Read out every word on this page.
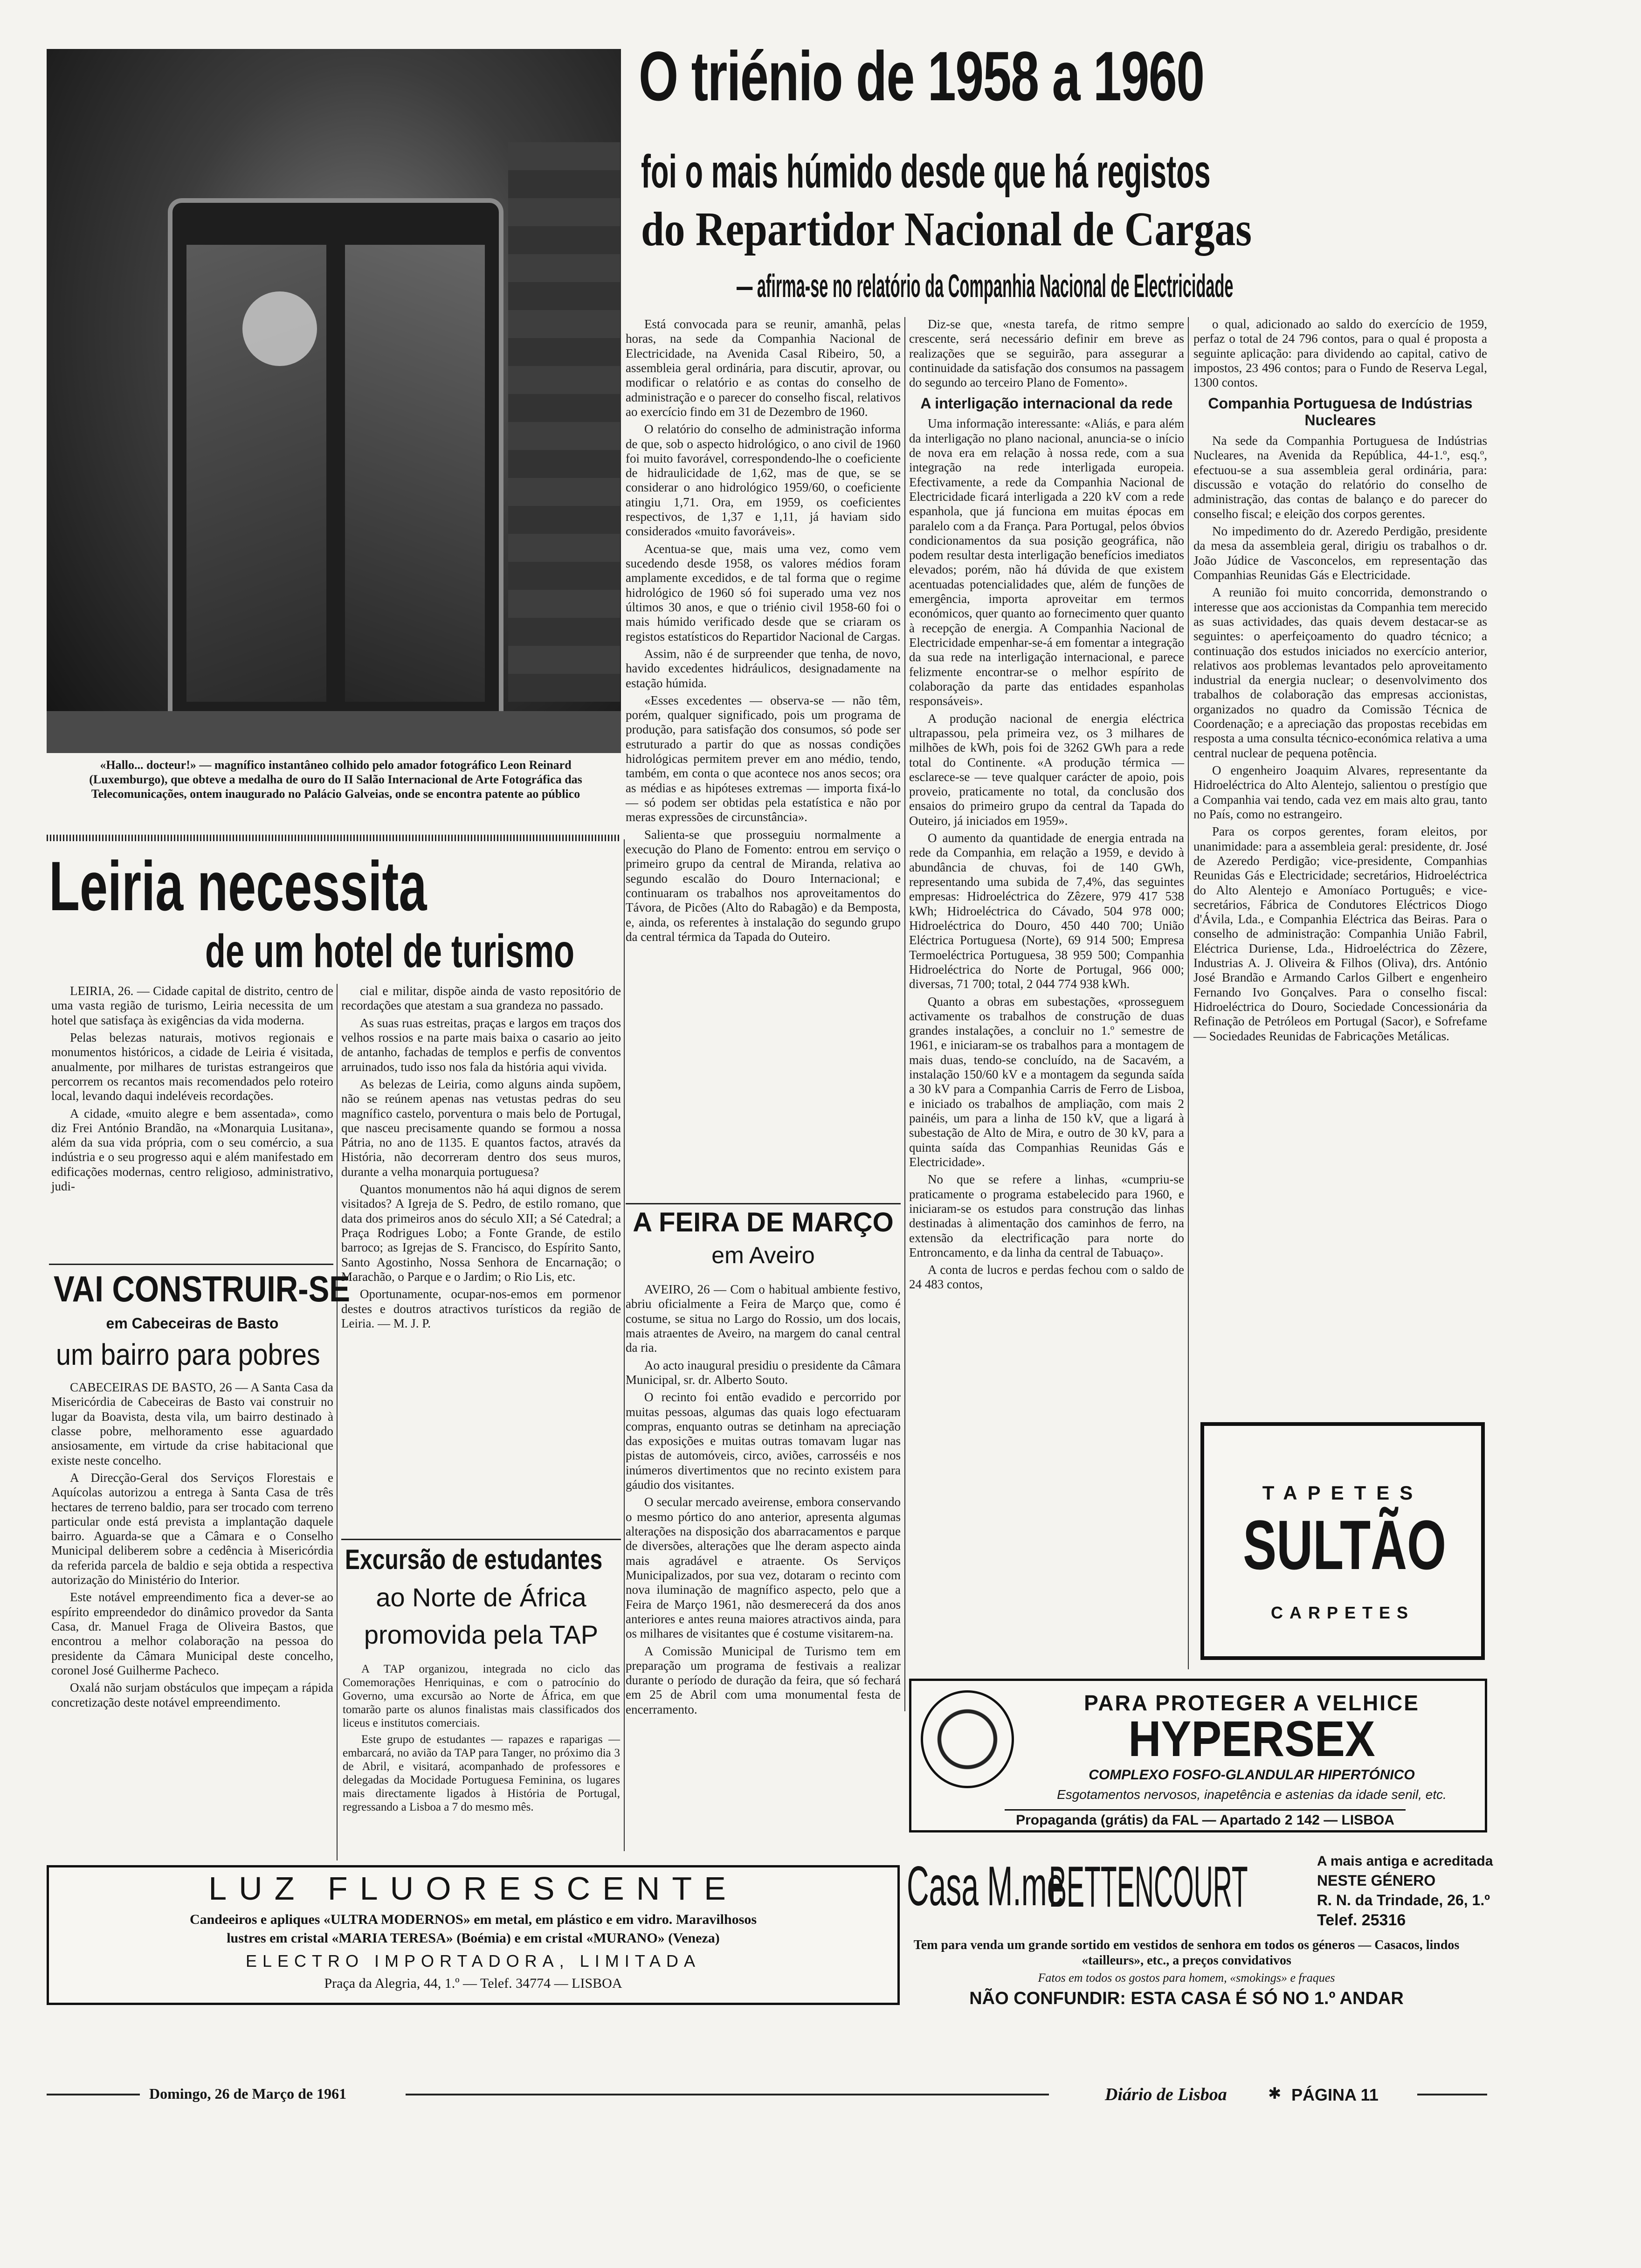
«Hallo... docteur!» — magnífico instantâneo colhido pelo amador fotográfico Leon Reinard (Luxemburgo), que obteve a medalha de ouro do II Salão Internacional de Arte Fotográfica das Telecomunicações, ontem inaugurado no Palácio Galveias, onde se encontra patente ao público
O triénio de 1958 a 1960
foi o mais húmido desde que há registos
do Repartidor Nacional de Cargas
— afirma-se no relatório da Companhia Nacional de Electricidade

Está convocada para se reunir, amanhã, pelas horas, na sede da Companhia Nacional de Electricidade, na Avenida Casal Ribeiro, 50, a assembleia geral ordinária, para discutir, aprovar, ou modificar o relatório e as contas do conselho de administração e o parecer do conselho fiscal, relativos ao exercício findo em 31 de Dezembro de 1960.

O relatório do conselho de administração informa de que, sob o aspecto hidrológico, o ano civil de 1960 foi muito favorável, correspondendo-lhe o coeficiente de hidraulicidade de 1,62, mas de que, se se considerar o ano hidrológico 1959/60, o coeficiente atingiu 1,71. Ora, em 1959, os coeficientes respectivos, de 1,37 e 1,11, já haviam sido considerados «muito favoráveis».

Acentua-se que, mais uma vez, como vem sucedendo desde 1958, os valores médios foram amplamente excedidos, e de tal forma que o regime hidrológico de 1960 só foi superado uma vez nos últimos 30 anos, e que o triénio civil 1958-60 foi o mais húmido verificado desde que se criaram os registos estatísticos do Repartidor Nacional de Cargas.

Assim, não é de surpreender que tenha, de novo, havido excedentes hidráulicos, designadamente na estação húmida.

«Esses excedentes — observa-se — não têm, porém, qualquer significado, pois um programa de produção, para satisfação dos consumos, só pode ser estruturado a partir do que as nossas condições hidrológicas permitem prever em ano médio, tendo, também, em conta o que acontece nos anos secos; ora as médias e as hipóteses extremas — importa fixá-lo — só podem ser obtidas pela estatística e não por meras expressões de circunstância».

Salienta-se que prosseguiu normalmente a execução do Plano de Fomento: entrou em serviço o primeiro grupo da central de Miranda, relativa ao segundo escalão do Douro Internacional; e continuaram os trabalhos nos aproveitamentos do Távora, de Picões (Alto do Rabagão) e da Bemposta, e, ainda, os referentes à instalação do segundo grupo da central térmica da Tapada do Outeiro.

Diz-se que, «nesta tarefa, de ritmo sempre crescente, será necessário definir em breve as realizações que se seguirão, para assegurar a continuidade da satisfação dos consumos na passagem do segundo ao terceiro Plano de Fomento».

A interligação internacional da rede

Uma informação interessante: «Aliás, e para além da interligação no plano nacional, anuncia-se o início de nova era em relação à nossa rede, com a sua integração na rede interligada europeia. Efectivamente, a rede da Companhia Nacional de Electricidade ficará interligada a 220 kV com a rede espanhola, que já funciona em muitas épocas em paralelo com a da França. Para Portugal, pelos óbvios condicionamentos da sua posição geográfica, não podem resultar desta interligação benefícios imediatos elevados; porém, não há dúvida de que existem acentuadas potencialidades que, além de funções de emergência, importa aproveitar em termos económicos, quer quanto ao fornecimento quer quanto à recepção de energia. A Companhia Nacional de Electricidade empenhar-se-á em fomentar a integração da sua rede na interligação internacional, e parece felizmente encontrar-se o melhor espírito de colaboração da parte das entidades espanholas responsáveis».

A produção nacional de energia eléctrica ultrapassou, pela primeira vez, os 3 milhares de milhões de kWh, pois foi de 3262 GWh para a rede total do Continente. «A produção térmica — esclarece-se — teve qualquer carácter de apoio, pois proveio, praticamente no total, da conclusão dos ensaios do primeiro grupo da central da Tapada do Outeiro, já iniciados em 1959».

O aumento da quantidade de energia entrada na rede da Companhia, em relação a 1959, e devido à abundância de chuvas, foi de 140 GWh, representando uma subida de 7,4%, das seguintes empresas: Hidroeléctrica do Zêzere, 979 417 538 kWh; Hidroeléctrica do Cávado, 504 978 000; Hidroeléctrica do Douro, 450 440 700; União Eléctrica Portuguesa (Norte), 69 914 500; Empresa Termoeléctrica Portuguesa, 38 959 500; Companhia Hidroeléctrica do Norte de Portugal, 966 000; diversas, 71 700; total, 2 044 774 938 kWh.

Quanto a obras em subestações, «prosseguem activamente os trabalhos de construção de duas grandes instalações, a concluir no 1.º semestre de 1961, e iniciaram-se os trabalhos para a montagem de mais duas, tendo-se concluído, na de Sacavém, a instalação 150/60 kV e a montagem da segunda saída a 30 kV para a Companhia Carris de Ferro de Lisboa, e iniciado os trabalhos de ampliação, com mais 2 painéis, um para a linha de 150 kV, que a ligará à subestação de Alto de Mira, e outro de 30 kV, para a quinta saída das Companhias Reunidas Gás e Electricidade».

No que se refere a linhas, «cumpriu-se praticamente o programa estabelecido para 1960, e iniciaram-se os estudos para construção das linhas destinadas à alimentação dos caminhos de ferro, na extensão da electrificação para norte do Entroncamento, e da linha da central de Tabuaço».

A conta de lucros e perdas fechou com o saldo de 24 483 contos,

o qual, adicionado ao saldo do exercício de 1959, perfaz o total de 24 796 contos, para o qual é proposta a seguinte aplicação: para dividendo ao capital, cativo de impostos, 23 496 contos; para o Fundo de Reserva Legal, 1300 contos.

Companhia Portuguesa de Indústrias Nucleares

Na sede da Companhia Portuguesa de Indústrias Nucleares, na Avenida da República, 44-1.º, esq.º, efectuou-se a sua assembleia geral ordinária, para: discussão e votação do relatório do conselho de administração, das contas de balanço e do parecer do conselho fiscal; e eleição dos corpos gerentes.

No impedimento do dr. Azeredo Perdigão, presidente da mesa da assembleia geral, dirigiu os trabalhos o dr. João Júdice de Vasconcelos, em representação das Companhias Reunidas Gás e Electricidade.

A reunião foi muito concorrida, demonstrando o interesse que aos accionistas da Companhia tem merecido as suas actividades, das quais devem destacar-se as seguintes: o aperfeiçoamento do quadro técnico; a continuação dos estudos iniciados no exercício anterior, relativos aos problemas levantados pelo aproveitamento industrial da energia nuclear; o desenvolvimento dos trabalhos de colaboração das empresas accionistas, organizados no quadro da Comissão Técnica de Coordenação; e a apreciação das propostas recebidas em resposta a uma consulta técnico-económica relativa a uma central nuclear de pequena potência.

O engenheiro Joaquim Alvares, representante da Hidroeléctrica do Alto Alentejo, salientou o prestígio que a Companhia vai tendo, cada vez em mais alto grau, tanto no País, como no estrangeiro.

Para os corpos gerentes, foram eleitos, por unanimidade: para a assembleia geral: presidente, dr. José de Azeredo Perdigão; vice-presidente, Companhias Reunidas Gás e Electricidade; secretários, Hidroeléctrica do Alto Alentejo e Amoníaco Português; e vice-secretários, Fábrica de Condutores Eléctricos Diogo d'Ávila, Lda., e Companhia Eléctrica das Beiras. Para o conselho de administração: Companhia União Fabril, Eléctrica Duriense, Lda., Hidroeléctrica do Zêzere, Industrias A. J. Oliveira & Filhos (Oliva), drs. António José Brandão e Armando Carlos Gilbert e engenheiro Fernando Ivo Gonçalves. Para o conselho fiscal: Hidroeléctrica do Douro, Sociedade Concessionária da Refinação de Petróleos em Portugal (Sacor), e Sofrefame — Sociedades Reunidas de Fabricações Metálicas.

Leiria necessita
de um hotel de turismo

LEIRIA, 26. — Cidade capital de distrito, centro de uma vasta região de turismo, Leiria necessita de um hotel que satisfaça às exigências da vida moderna.

Pelas belezas naturais, motivos regionais e monumentos históricos, a cidade de Leiria é visitada, anualmente, por milhares de turistas estrangeiros que percorrem os recantos mais recomendados pelo roteiro local, levando daqui indeléveis recordações.

A cidade, «muito alegre e bem assentada», como diz Frei António Brandão, na «Monarquia Lusitana», além da sua vida própria, com o seu comércio, a sua indústria e o seu progresso aqui e além manifestado em edificações modernas, centro religioso, administrativo, judi-

cial e militar, dispõe ainda de vasto repositório de recordações que atestam a sua grandeza no passado.

As suas ruas estreitas, praças e largos em traços dos velhos rossios e na parte mais baixa o casario ao jeito de antanho, fachadas de templos e perfis de conventos arruinados, tudo isso nos fala da história aqui vivida.

As belezas de Leiria, como alguns ainda supõem, não se reúnem apenas nas vetustas pedras do seu magnífico castelo, porventura o mais belo de Portugal, que nasceu precisamente quando se formou a nossa Pátria, no ano de 1135. E quantos factos, através da História, não decorreram dentro dos seus muros, durante a velha monarquia portuguesa?

Quantos monumentos não há aqui dignos de serem visitados? A Igreja de S. Pedro, de estilo romano, que data dos primeiros anos do século XII; a Sé Catedral; a Praça Rodrigues Lobo; a Fonte Grande, de estilo barroco; as Igrejas de S. Francisco, do Espírito Santo, Santo Agostinho, Nossa Senhora de Encarnação; o Marachão, o Parque e o Jardim; o Rio Lis, etc.

Oportunamente, ocupar-nos-emos em pormenor destes e doutros atractivos turísticos da região de Leiria. — M. J. P.

VAI CONSTRUIR-SE
em Cabeceiras de Basto
um bairro para pobres

CABECEIRAS DE BASTO, 26 — A Santa Casa da Misericórdia de Cabeceiras de Basto vai construir no lugar da Boavista, desta vila, um bairro destinado à classe pobre, melhoramento esse aguardado ansiosamente, em virtude da crise habitacional que existe neste concelho.

A Direcção-Geral dos Serviços Florestais e Aquícolas autorizou a entrega à Santa Casa de três hectares de terreno baldio, para ser trocado com terreno particular onde está prevista a implantação daquele bairro. Aguarda-se que a Câmara e o Conselho Municipal deliberem sobre a cedência à Misericórdia da referida parcela de baldio e seja obtida a respectiva autorização do Ministério do Interior.

Este notável empreendimento fica a dever-se ao espírito empreendedor do dinâmico provedor da Santa Casa, dr. Manuel Fraga de Oliveira Bastos, que encontrou a melhor colaboração na pessoa do presidente da Câmara Municipal deste concelho, coronel José Guilherme Pacheco.

Oxalá não surjam obstáculos que impeçam a rápida concretização deste notável empreendimento.

Excursão de estudantes
ao Norte de África
promovida pela TAP

A TAP organizou, integrada no ciclo das Comemorações Henriquinas, e com o patrocínio do Governo, uma excursão ao Norte de África, em que tomarão parte os alunos finalistas mais classificados dos liceus e institutos comerciais.

Este grupo de estudantes — rapazes e raparigas — embarcará, no avião da TAP para Tanger, no próximo dia 3 de Abril, e visitará, acompanhado de professores e delegadas da Mocidade Portuguesa Feminina, os lugares mais directamente ligados à História de Portugal, regressando a Lisboa a 7 do mesmo mês.

A FEIRA DE MARÇO
em Aveiro

AVEIRO, 26 — Com o habitual ambiente festivo, abriu oficialmente a Feira de Março que, como é costume, se situa no Largo do Rossio, um dos locais, mais atraentes de Aveiro, na margem do canal central da ria.

Ao acto inaugural presidiu o presidente da Câmara Municipal, sr. dr. Alberto Souto.

O recinto foi então evadido e percorrido por muitas pessoas, algumas das quais logo efectuaram compras, enquanto outras se detinham na apreciação das exposições e muitas outras tomavam lugar nas pistas de automóveis, circo, aviões, carrosséis e nos inúmeros divertimentos que no recinto existem para gáudio dos visitantes.

O secular mercado aveirense, embora conservando o mesmo pórtico do ano anterior, apresenta algumas alterações na disposição dos abarracamentos e parque de diversões, alterações que lhe deram aspecto ainda mais agradável e atraente. Os Serviços Municipalizados, por sua vez, dotaram o recinto com nova iluminação de magnífico aspecto, pelo que a Feira de Março 1961, não desmerecerá da dos anos anteriores e antes reuna maiores atractivos ainda, para os milhares de visitantes que é costume visitarem-na.

A Comissão Municipal de Turismo tem em preparação um programa de festivais a realizar durante o período de duração da feira, que só fechará em 25 de Abril com uma monumental festa de encerramento.

TAPETES
SULTÃO
CARPETES
PARA PROTEGER A VELHICE
HYPERSEX
COMPLEXO FOSFO-GLANDULAR HIPERTÓNICO
Esgotamentos nervosos, inapetência e astenias da idade senil, etc.
Propaganda (grátis) da FAL — Apartado 2 142 — LISBOA
Casa M.me
BETTENCOURT	A mais antiga e acreditada
NESTE GÉNERO
R. N. da Trindade, 26, 1.º
Telef. 25316
Tem para venda um grande sortido em vestidos de senhora em todos os géneros — Casacos, lindos «tailleurs», etc., a preços convidativos
Fatos em todos os gostos para homem, «smokings» e fraques
NÃO CONFUNDIR: ESTA CASA É SÓ NO 1.º ANDAR
LUZ FLUORESCENTE
Candeeiros e apliques «ULTRA MODERNOS» em metal, em plástico e em vidro. Maravilhosos
lustres em cristal «MARIA TERESA» (Boémia) e em cristal «MURANO» (Veneza)
ELECTRO IMPORTADORA, LIMITADA
Praça da Alegria, 44, 1.º — Telef. 34774 — LISBOA
Domingo, 26 de Março de 1961	Diário de Lisboa	✱ PÁGINA 11
